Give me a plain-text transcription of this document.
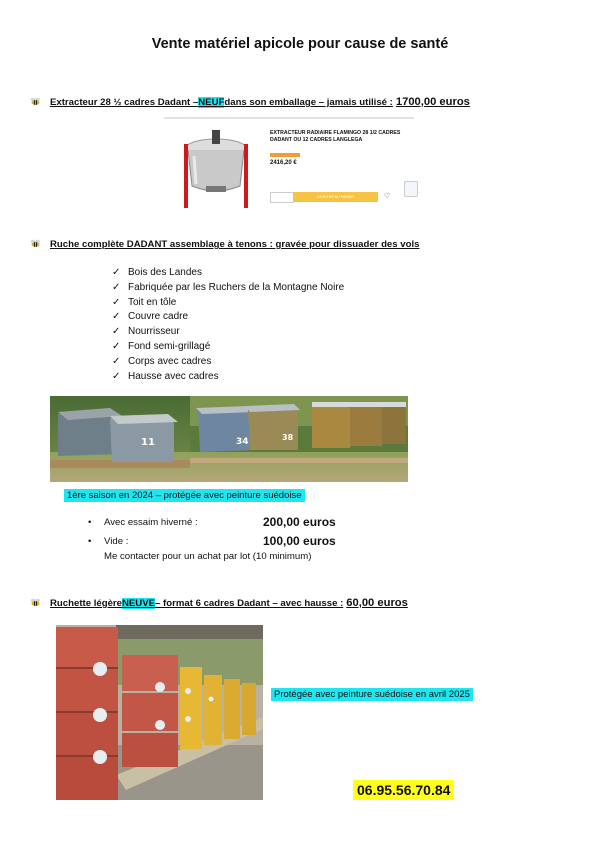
Vente matériel apicole pour cause de santé
Extracteur 28 ½ cadres Dadant – NEUF dans son emballage – jamais utilisé : 1700,00 euros
EXTRACTEUR RADIAIRE FLAMINGO 28 1/2 CADRES DADANT OU 12 CADRES LANGLEGA
2416,20 €
AJOUTER AU PANIER	♡
Ruche complète DADANT assemblage à tenons : gravée pour dissuader des vols
✓ Bois des Landes
✓ Fabriquée par les Ruchers de la Montagne Noire
✓ Toit en tôle
✓ Couvre cadre
✓ Nourrisseur
✓ Fond semi-grillagé
✓ Corps avec cadres
✓ Hausse avec cadres
11	34	38
1ère saison en 2024 – protégée avec peinture suédoise
• Avec essaim hiverné :	200,00 euros
• Vide :	100,00 euros
Me contacter pour un achat par lot (10 minimum)
Ruchette légère NEUVE – format 6 cadres Dadant – avec hausse : 60,00 euros
Protégée avec peinture suédoise en avril 2025
06.95.56.70.84
